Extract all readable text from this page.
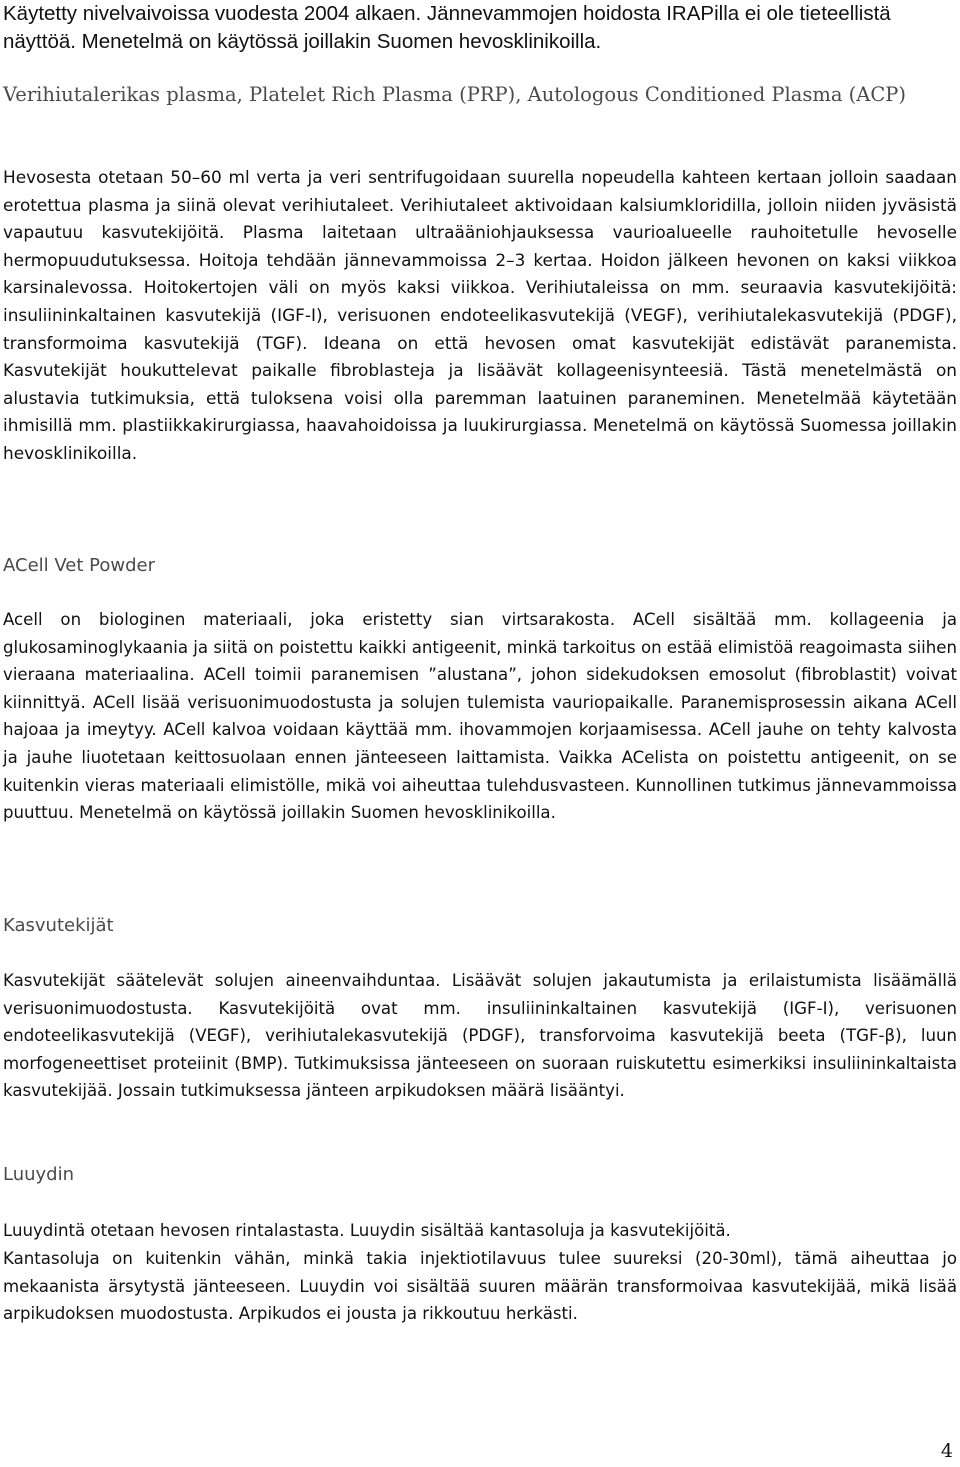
Käytetty nivelvaivoissa vuodesta 2004 alkaen. Jännevammojen hoidosta IRAPilla ei ole tieteellistä näyttöä. Menetelmä on käytössä joillakin Suomen hevosklinikoilla.
Verihiutalerikas plasma, Platelet Rich Plasma (PRP), Autologous Conditioned Plasma (ACP)
Hevosesta otetaan 50–60 ml verta ja veri sentrifugoidaan suurella nopeudella kahteen kertaan jolloin saadaan erotettua plasma ja siinä olevat verihiutaleet. Verihiutaleet aktivoidaan kalsiumkloridilla, jolloin niiden jyväsistä vapautuu kasvutekijöitä. Plasma laitetaan ultraääniohjauksessa vaurioalueelle rauhoitetulle hevoselle hermopuudutuksessa. Hoitoja tehdään jännevammoissa 2–3 kertaa. Hoidon jälkeen hevonen on kaksi viikkoa karsinalevossa. Hoitokertojen väli on myös kaksi viikkoa. Verihiutaleissa on mm. seuraavia kasvutekijöitä: insuliininkaltainen kasvutekijä (IGF-I), verisuonen endoteelikasvutekijä (VEGF), verihiutalekasvutekijä (PDGF), transformoima kasvutekijä (TGF). Ideana on että hevosen omat kasvutekijät edistävät paranemista. Kasvutekijät houkuttelevat paikalle fibroblasteja ja lisäävät kollageenisynteesiä. Tästä menetelmästä on alustavia tutkimuksia, että tuloksena voisi olla paremman laatuinen paraneminen. Menetelmää käytetään ihmisillä mm. plastiikkakirurgiassa, haavahoidoissa ja luukirurgiassa. Menetelmä on käytössä Suomessa joillakin hevosklinikoilla.
ACell Vet Powder
Acell on biologinen materiaali, joka eristetty sian virtsarakosta. ACell sisältää mm. kollageenia ja glukosaminoglykaania ja siitä on poistettu kaikki antigeenit, minkä tarkoitus on estää elimistöä reagoimasta siihen vieraana materiaalina. ACell toimii paranemisen ”alustana”, johon sidekudoksen emosolut (fibroblastit) voivat kiinnittyä. ACell lisää verisuonimuodostusta ja solujen tulemista vauriopaikalle. Paranemisprosessin aikana ACell hajoaa ja imeytyy. ACell kalvoa voidaan käyttää mm. ihovammojen korjaamisessa. ACell jauhe on tehty kalvosta ja jauhe liuotetaan keittosuolaan ennen jänteeseen laittamista. Vaikka ACelista on poistettu antigeenit, on se kuitenkin vieras materiaali elimistölle, mikä voi aiheuttaa tulehdusvasteen. Kunnollinen tutkimus jännevammoissa puuttuu. Menetelmä on käytössä joillakin Suomen hevosklinikoilla.
Kasvutekijät
Kasvutekijät säätelevät solujen aineenvaihduntaa. Lisäävät solujen jakautumista ja erilaistumista lisäämällä verisuonimuodostusta. Kasvutekijöitä ovat mm. insuliininkaltainen kasvutekijä (IGF-I), verisuonen endoteelikasvutekijä (VEGF), verihiutalekasvutekijä (PDGF), transforvoima kasvutekijä beeta (TGF-β), luun morfogeneettiset proteiinit (BMP). Tutkimuksissa jänteeseen on suoraan ruiskutettu esimerkiksi insuliininkaltaista kasvutekijää. Jossain tutkimuksessa jänteen arpikudoksen määrä lisääntyi.
Luuydin
Luuydintä otetaan hevosen rintalastasta. Luuydin sisältää kantasoluja ja kasvutekijöitä.
Kantasoluja on kuitenkin vähän, minkä takia injektiotilavuus tulee suureksi (20-30ml), tämä aiheuttaa jo mekaanista ärsytystä jänteeseen. Luuydin voi sisältää suuren määrän transformoivaa kasvutekijää, mikä lisää arpikudoksen muodostusta. Arpikudos ei jousta ja rikkoutuu herkästi.
4
